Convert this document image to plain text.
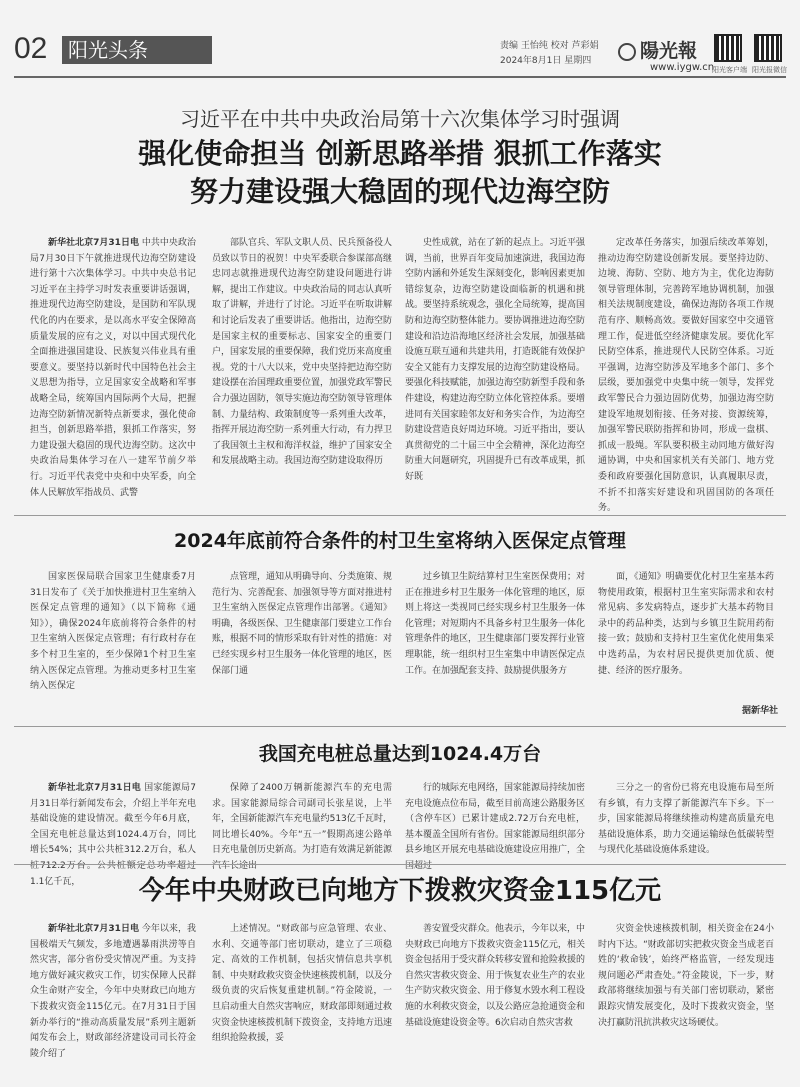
02	阳光头条	责编 王怡纯 校对 芦彩娟
2024年8月1日 星期四	陽光報
www.iygw.cn
阳光客户端 阳光报微信
习近平在中共中央政治局第十六次集体学习时强调
强化使命担当 创新思路举措 狠抓工作落实
努力建设强大稳固的现代边海空防

新华社北京7月31日电 中共中央政治局7月30日下午就推进现代边海空防建设进行第十六次集体学习。中共中央总书记习近平在主持学习时发表重要讲话强调，推进现代边海空防建设，是国防和军队现代化的内在要求，是以高水平安全保障高质量发展的应有之义，对以中国式现代化全面推进强国建设、民族复兴伟业具有重要意义。要坚持以新时代中国特色社会主义思想为指导，立足国家安全战略和军事战略全局，统筹国内国际两个大局，把握边海空防新情况新特点新要求，强化使命担当，创新思路举措，狠抓工作落实，努力建设强大稳固的现代边海空防。这次中央政治局集体学习在八一建军节前夕举行。习近平代表党中央和中央军委，向全体人民解放军指战员、武警

部队官兵、军队文职人员、民兵预备役人员致以节日的祝贺！中央军委联合参谋部高继忠同志就推进现代边海空防建设问题进行讲解，提出工作建议。中央政治局的同志认真听取了讲解，并进行了讨论。习近平在听取讲解和讨论后发表了重要讲话。他指出，边海空防是国家主权的重要标志、国家安全的重要门户，国家发展的重要保障，我们党历来高度重视。党的十八大以来，党中央坚持把边海空防建设摆在治国理政重要位置，加强党政军警民合力强边固防，领导实施边海空防领导管理体制、力量结构、政策制度等一系列重大改革，指挥开展边海空防一系列重大行动，有力捍卫了我国领土主权和海洋权益，维护了国家安全和发展战略主动。我国边海空防建设取得历

史性成就，站在了新的起点上。习近平强调，当前，世界百年变局加速演进，我国边海空防内涵和外延发生深刻变化，影响因素更加错综复杂，边海空防建设面临新的机遇和挑战。要坚持系统观念，强化全局统筹，提高国防和边海空防整体能力。要协调推进边海空防建设和沿边沿海地区经济社会发展，加强基础设施互联互通和共建共用，打造既能有效保护安全又能有力支撑发展的边海空防建设格局。要强化科技赋能，加强边海空防新型手段和条件建设，构建边海空防立体化管控体系。要增进同有关国家睦邻友好和务实合作，为边海空防建设营造良好周边环境。习近平指出，要认真贯彻党的二十届三中全会精神，深化边海空防重大问题研究，巩固提升已有改革成果，抓好既

定改革任务落实，加强后续改革筹划，推动边海空防建设创新发展。要坚持边防、边境、海防、空防、地方为主，优化边海防领导管理体制，完善跨军地协调机制，加强相关法规制度建设，确保边海防各项工作规范有序、顺畅高效。要做好国家空中交通管理工作，促进低空经济健康发展。要优化军民防空体系，推进现代人民防空体系。习近平强调，边海空防涉及军地多个部门、多个层级，要加强党中央集中统一领导，发挥党政军警民合力强边固防优势，加强边海空防建设军地规划衔接、任务对接、资源统筹，加强军警民联防指挥和协同，形成一盘棋、抓成一股绳。军队要积极主动同地方做好沟通协调，中央和国家机关有关部门、地方党委和政府要强化国防意识，认真履职尽责，不折不扣落实好建设和巩固国防的各项任务。

2024年底前符合条件的村卫生室将纳入医保定点管理

国家医保局联合国家卫生健康委7月31日发布了《关于加快推进村卫生室纳入医保定点管理的通知》（以下简称《通知》），确保2024年底前将符合条件的村卫生室纳入医保定点管理；有行政村存在多个村卫生室的，至少保障1个村卫生室纳入医保定点管理。为推动更多村卫生室纳入医保定

点管理，通知从明确导向、分类施策、规范行为、完善配套、加强领导等方面对推进村卫生室纳入医保定点管理作出部署。《通知》明确，各级医保、卫生健康部门要建立工作台账，根据不同的情形采取有针对性的措施：对已经实现乡村卫生服务一体化管理的地区，医保部门通

过乡镇卫生院结算村卫生室医保费用；对正在推进乡村卫生服务一体化管理的地区，原则上将这一类视同已经实现乡村卫生服务一体化管理；对短期内不具备乡村卫生服务一体化管理条件的地区，卫生健康部门要发挥行业管理职能，统一组织村卫生室集中申请医保定点工作。在加强配套支持、鼓励提供服务方

面，《通知》明确要优化村卫生室基本药物使用政策，根据村卫生室实际需求和农村常见病、多发病特点，逐步扩大基本药物目录中的药品种类，达到与乡镇卫生院用药衔接一致；鼓励和支持村卫生室优化使用集采中选药品，为农村居民提供更加优质、便捷、经济的医疗服务。

据新华社
我国充电桩总量达到1024.4万台

新华社北京7月31日电 国家能源局7月31日举行新闻发布会，介绍上半年充电基础设施的建设情况。截至今年6月底，全国充电桩总量达到1024.4万台，同比增长54%；其中公共桩312.2万台，私人桩712.2万台。公共桩额定总功率超过1.1亿千瓦，

保障了2400万辆新能源汽车的充电需求。国家能源局综合司副司长张星说，上半年，全国新能源汽车充电量约513亿千瓦时，同比增长40%。今年“五一”假期高速公路单日充电量创历史新高。为打造有效满足新能源汽车长途出

行的城际充电网络，国家能源局持续加密充电设施点位布局，截至目前高速公路服务区（含停车区）已累计建成2.72万台充电桩，基本覆盖全国所有省份。国家能源局组织部分县乡地区开展充电基础设施建设应用推广，全国超过

三分之一的省份已将充电设施布局至所有乡镇，有力支撑了新能源汽车下乡。下一步，国家能源局将继续推动构建高质量充电基础设施体系，助力交通运输绿色低碳转型与现代化基础设施体系建设。

今年中央财政已向地方下拨救灾资金115亿元

新华社北京7月31日电 今年以来，我国极端天气频发，多地遭遇暴雨洪涝等自然灾害，部分省份受灾情况严重。为支持地方做好减灾救灾工作，切实保障人民群众生命财产安全，今年中央财政已向地方下拨救灾资金115亿元。在7月31日于国新办举行的“推动高质量发展”系列主题新闻发布会上，财政部经济建设司司长符金陵介绍了

上述情况。“财政部与应急管理、农业、水利、交通等部门密切联动，建立了三项稳定、高效的工作机制，包括灾情信息共享机制、中央财政救灾资金快速核拨机制，以及分级负责的灾后恢复重建机制。”符金陵说，一旦启动重大自然灾害响应，财政部即刻通过救灾资金快速核拨机制下拨资金，支持地方迅速组织抢险救援，妥

善安置受灾群众。他表示，今年以来，中央财政已向地方下拨救灾资金115亿元，相关资金包括用于受灾群众转移安置和抢险救援的自然灾害救灾资金、用于恢复农业生产的农业生产防灾救灾资金、用于修复水毁水利工程设施的水利救灾资金，以及公路应急抢通资金和基础设施建设资金等。6次启动自然灾害救

灾资金快速核拨机制，相关资金在24小时内下达。“财政部切实把救灾资金当成老百姓的‘救命钱’，始终严格监管，一经发现违规问题必严肃查处。”符金陵说，下一步，财政部将继续加强与有关部门密切联动，紧密跟踪灾情发展变化，及时下拨救灾资金，坚决打赢防汛抗洪救灾这场硬仗。
